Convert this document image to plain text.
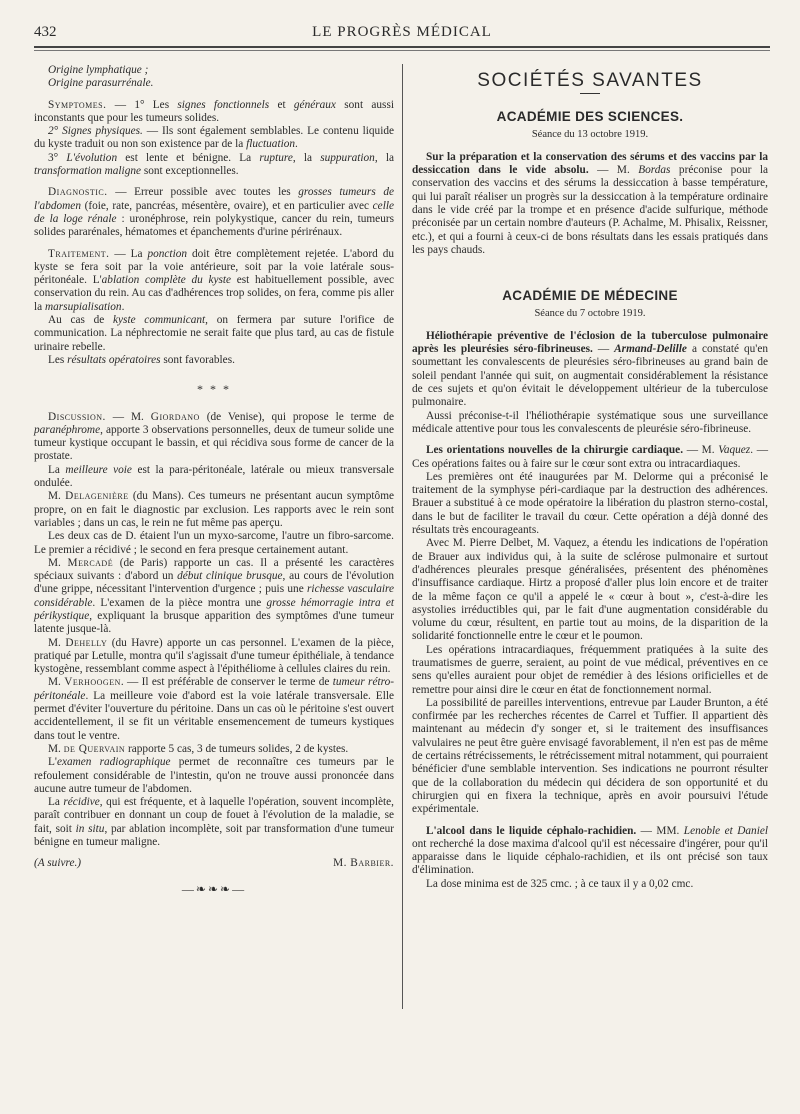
432	LE PROGRÈS MÉDICAL

Origine lymphatique ;

Origine parasurrénale.

Symptomes. — 1° Les signes fonctionnels et généraux sont aussi inconstants que pour les tumeurs solides.

2° Signes physiques. — Ils sont également semblables. Le contenu liquide du kyste traduit ou non son existence par de la fluctuation.

3° L'évolution est lente et bénigne. La rupture, la suppuration, la transformation maligne sont exceptionnelles.

Diagnostic. — Erreur possible avec toutes les grosses tumeurs de l'abdomen (foie, rate, pancréas, mésentère, ovaire), et en particulier avec celle de la loge rénale : uronéphrose, rein polykystique, cancer du rein, tumeurs solides pararénales, hématomes et épanchements d'urine périrénaux.

Traitement. — La ponction doit être complètement rejetée. L'abord du kyste se fera soit par la voie antérieure, soit par la voie latérale sous-péritonéale. L'ablation complète du kyste est habituellement possible, avec conservation du rein. Au cas d'adhérences trop solides, on fera, comme pis aller la marsupialisation.

Au cas de kyste communicant, on fermera par suture l'orifice de communication. La néphrectomie ne serait faite que plus tard, au cas de fistule urinaire rebelle.

Les résultats opératoires sont favorables.

* * *

Discussion. — M. Giordano (de Venise), qui propose le terme de paranéphrome, apporte 3 observations personnelles, deux de tumeur solide une tumeur kystique occupant le bassin, et qui récidiva sous forme de cancer de la prostate.

La meilleure voie est la para-péritonéale, latérale ou mieux transversale ondulée.

M. Delagenière (du Mans). Ces tumeurs ne présentant aucun symptôme propre, on en fait le diagnostic par exclusion. Les rapports avec le rein sont variables ; dans un cas, le rein ne fut même pas aperçu.

Les deux cas de D. étaient l'un un myxo-sarcome, l'autre un fibro-sarcome. Le premier a récidivé ; le second en fera presque certainement autant.

M. Mercadé (de Paris) rapporte un cas. Il a présenté les caractères spéciaux suivants : d'abord un début clinique brusque, au cours de l'évolution d'une grippe, nécessitant l'intervention d'urgence ; puis une richesse vasculaire considérable. L'examen de la pièce montra une grosse hémorragie intra et périkystique, expliquant la brusque apparition des symptômes d'une tumeur latente jusque-là.

M. Dehelly (du Havre) apporte un cas personnel. L'examen de la pièce, pratiqué par Letulle, montra qu'il s'agissait d'une tumeur épithéliale, à tendance kystogène, ressemblant comme aspect à l'épithéliome à cellules claires du rein.

M. Verhoogen. — Il est préférable de conserver le terme de tumeur rétro-péritonéale. La meilleure voie d'abord est la voie latérale transversale. Elle permet d'éviter l'ouverture du péritoine. Dans un cas où le péritoine s'est ouvert accidentellement, il se fit un véritable ensemencement de tumeurs kystiques dans tout le ventre.

M. de Quervain rapporte 5 cas, 3 de tumeurs solides, 2 de kystes.

L'examen radiographique permet de reconnaître ces tumeurs par le refoulement considérable de l'intestin, qu'on ne trouve aussi prononcée dans aucune autre tumeur de l'abdomen.

La récidive, qui est fréquente, et à laquelle l'opération, souvent incomplète, paraît contribuer en donnant un coup de fouet à l'évolution de la maladie, se fait, soit in situ, par ablation incomplète, soit par transformation d'une tumeur bénigne en tumeur maligne.

(A suivre.)	M. Barbier.
—❧❧❧—
SOCIÉTÉS SAVANTES
ACADÉMIE DES SCIENCES.
Séance du 13 octobre 1919.

Sur la préparation et la conservation des sérums et des vaccins par la dessiccation dans le vide absolu. — M. Bordas préconise pour la conservation des vaccins et des sérums la dessiccation à basse température, qui lui paraît réaliser un progrès sur la dessiccation à la température ordinaire dans le vide créé par la trompe et en présence d'acide sulfurique, méthode préconisée par un certain nombre d'auteurs (P. Achalme, M. Phisalix, Reissner, etc.), et qui a fourni à ceux-ci de bons résultats dans les essais pratiqués dans les pays chauds.

ACADÉMIE DE MÉDECINE
Séance du 7 octobre 1919.

Héliothérapie préventive de l'éclosion de la tuberculose pulmonaire après les pleurésies séro-fibrineuses. — Armand-Delille a constaté qu'en soumettant les convalescents de pleurésies séro-fibrineuses au grand bain de soleil pendant l'année qui suit, on augmentait considérablement la résistance de ces sujets et qu'on évitait le développement ultérieur de la tuberculose pulmonaire.

Aussi préconise-t-il l'héliothérapie systématique sous une surveillance médicale attentive pour tous les convalescents de pleurésie séro-fibrineuse.

Les orientations nouvelles de la chirurgie cardiaque. — M. Vaquez. — Ces opérations faites ou à faire sur le cœur sont extra ou intracardiaques.

Les premières ont été inaugurées par M. Delorme qui a préconisé le traitement de la symphyse péri-cardiaque par la destruction des adhérences. Brauer a substitué à ce mode opératoire la libération du plastron sterno-costal, dans le but de faciliter le travail du cœur. Cette opération a déjà donné des résultats très encourageants.

Avec M. Pierre Delbet, M. Vaquez, a étendu les indications de l'opération de Brauer aux individus qui, à la suite de sclérose pulmonaire et surtout d'adhérences pleurales presque généralisées, présentent des phénomènes d'insuffisance cardiaque. Hirtz a proposé d'aller plus loin encore et de traiter de la même façon ce qu'il a appelé le « cœur à bout », c'est-à-dire les asystolies irréductibles qui, par le fait d'une augmentation considérable du volume du cœur, résultent, en partie tout au moins, de la disparition de la solidarité fonctionnelle entre le cœur et le poumon.

Les opérations intracardiaques, fréquemment pratiquées à la suite des traumatismes de guerre, seraient, au point de vue médical, préventives en ce sens qu'elles auraient pour objet de remédier à des lésions orificielles et de remettre pour ainsi dire le cœur en état de fonctionnement normal.

La possibilité de pareilles interventions, entrevue par Lauder Brunton, a été confirmée par les recherches récentes de Carrel et Tuffier. Il appartient dès maintenant au médecin d'y songer et, si le traitement des insuffisances valvulaires ne peut être guère envisagé favorablement, il n'en est pas de même de certains rétrécissements, le rétrécissement mitral notamment, qui pourraient bénéficier d'une semblable intervention. Ses indications ne pourront résulter que de la collaboration du médecin qui décidera de son opportunité et du chirurgien qui en fixera la technique, après en avoir poursuivi l'étude expérimentale.

L'alcool dans le liquide céphalo-rachidien. — MM. Lenoble et Daniel ont recherché la dose maxima d'alcool qu'il est nécessaire d'ingérer, pour qu'il apparaisse dans le liquide céphalo-rachidien, et ils ont précisé son taux d'élimination.

La dose minima est de 325 cmc. ; à ce taux il y a 0,02 cmc.
